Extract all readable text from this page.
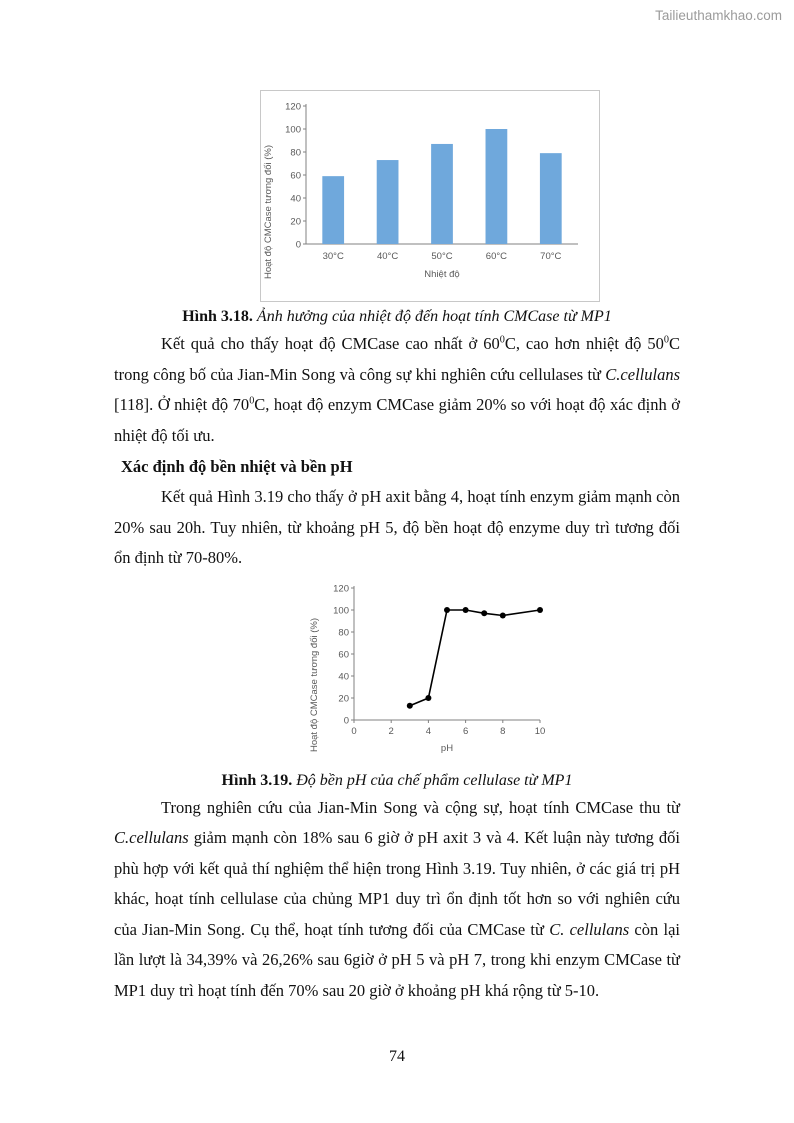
Tailieuthamkhao.com
Hoạt độ CMCase tương đối (%) 0
20
40
60
80
100
120
30°C	40°C	50°C	60°C	70°C
Nhiệt độ

Hình 3.18. Ảnh hưởng của nhiệt độ đến hoạt tính CMCase từ MP1

Kết quả cho thấy hoạt độ CMCase cao nhất ở $60^0C$, cao hơn nhiệt độ $50^0C$ trong công bố của Jian-Min Song và công sự khi nghiên cứu cellulases từ C.cellulans [118]. Ở nhiệt độ $70^0C$, hoạt độ enzym CMCase giảm 20% so với hoạt độ xác định ở nhiệt độ tối ưu.

Xác định độ bền nhiệt và bền pH

Kết quả Hình 3.19 cho thấy ở pH axit bằng 4, hoạt tính enzym giảm mạnh còn 20% sau 20h. Tuy nhiên, từ khoảng pH 5, độ bền hoạt độ enzyme duy trì tương đối ổn định từ 70-80%.

Hoạt độ CMCase tương đối (%) 0
20
40
60
80
100
120
0	2	4	6	8	10
pH

Hình 3.19. Độ bền pH của chế phẩm cellulase từ MP1

Trong nghiên cứu của Jian-Min Song và cộng sự, hoạt tính CMCase thu từ C.cellulans giảm mạnh còn 18% sau 6 giờ ở pH axit 3 và 4. Kết luận này tương đối phù hợp với kết quả thí nghiệm thể hiện trong Hình 3.19. Tuy nhiên, ở các giá trị pH khác, hoạt tính cellulase của chủng MP1 duy trì ổn định tốt hơn so với nghiên cứu của Jian-Min Song. Cụ thể, hoạt tính tương đối của CMCase từ C. cellulans còn lại lần lượt là 34,39% và 26,26% sau 6giờ ở pH 5 và pH 7, trong khi enzym CMCase từ MP1 duy trì hoạt tính đến 70% sau 20 giờ ở khoảng pH khá rộng từ 5-10.

74
